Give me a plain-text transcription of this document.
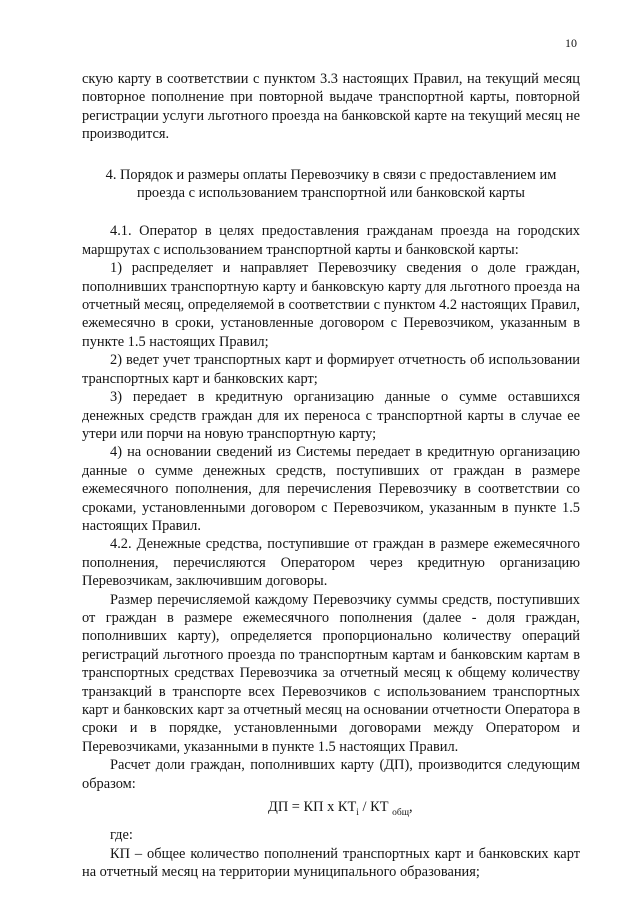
10

скую карту в соответствии с пунктом 3.3 настоящих Правил, на текущий месяц повторное пополнение при повторной выдаче транспортной карты, повторной регистрации услуги льготного проезда на банковской карте на текущий месяц не производится.

4. Порядок и размеры оплаты Перевозчику в связи с предоставлением им проезда с использованием транспортной или банковской карты

4.1. Оператор в целях предоставления гражданам проезда на городских маршрутах с использованием транспортной карты и банковской карты:

1) распределяет и направляет Перевозчику сведения о доле граждан, пополнивших транспортную карту и банковскую карту для льготного проезда на отчетный месяц, определяемой в соответствии с пунктом 4.2 настоящих Правил, ежемесячно в сроки, установленные договором с Перевозчиком, указанным в пункте 1.5 настоящих Правил;

2) ведет учет транспортных карт и формирует отчетность об использовании транспортных карт и банковских карт;

3) передает в кредитную организацию данные о сумме оставшихся денежных средств граждан для их переноса с транспортной карты в случае ее утери или порчи на новую транспортную карту;

4) на основании сведений из Системы передает в кредитную организацию данные о сумме денежных средств, поступивших от граждан в размере ежемесячного пополнения, для перечисления Перевозчику в соответствии со сроками, установленными договором с Перевозчиком, указанным в пункте 1.5 настоящих Правил.

4.2. Денежные средства, поступившие от граждан в размере ежемесячного пополнения, перечисляются Оператором через кредитную организацию Перевозчикам, заключившим договоры.

Размер перечисляемой каждому Перевозчику суммы средств, поступивших от граждан в размере ежемесячного пополнения (далее - доля граждан, пополнивших карту), определяется пропорционально количеству операций регистраций льготного проезда по транспортным картам и банковским картам в транспортных средствах Перевозчика за отчетный месяц к общему количеству транзакций в транспорте всех Перевозчиков с использованием транспортных карт и банковских карт за отчетный месяц на основании отчетности Оператора в сроки и в порядке, установленными договорами между Оператором и Перевозчиками, указанными в пункте 1.5 настоящих Правил.

Расчет доли граждан, пополнивших карту (ДП), производится следующим образом:

ДП = КП х $КТ_i$ / КТ $_{общ}$,

где:

КП – общее количество пополнений транспортных карт и банковских карт на отчетный месяц на территории муниципального образования;
